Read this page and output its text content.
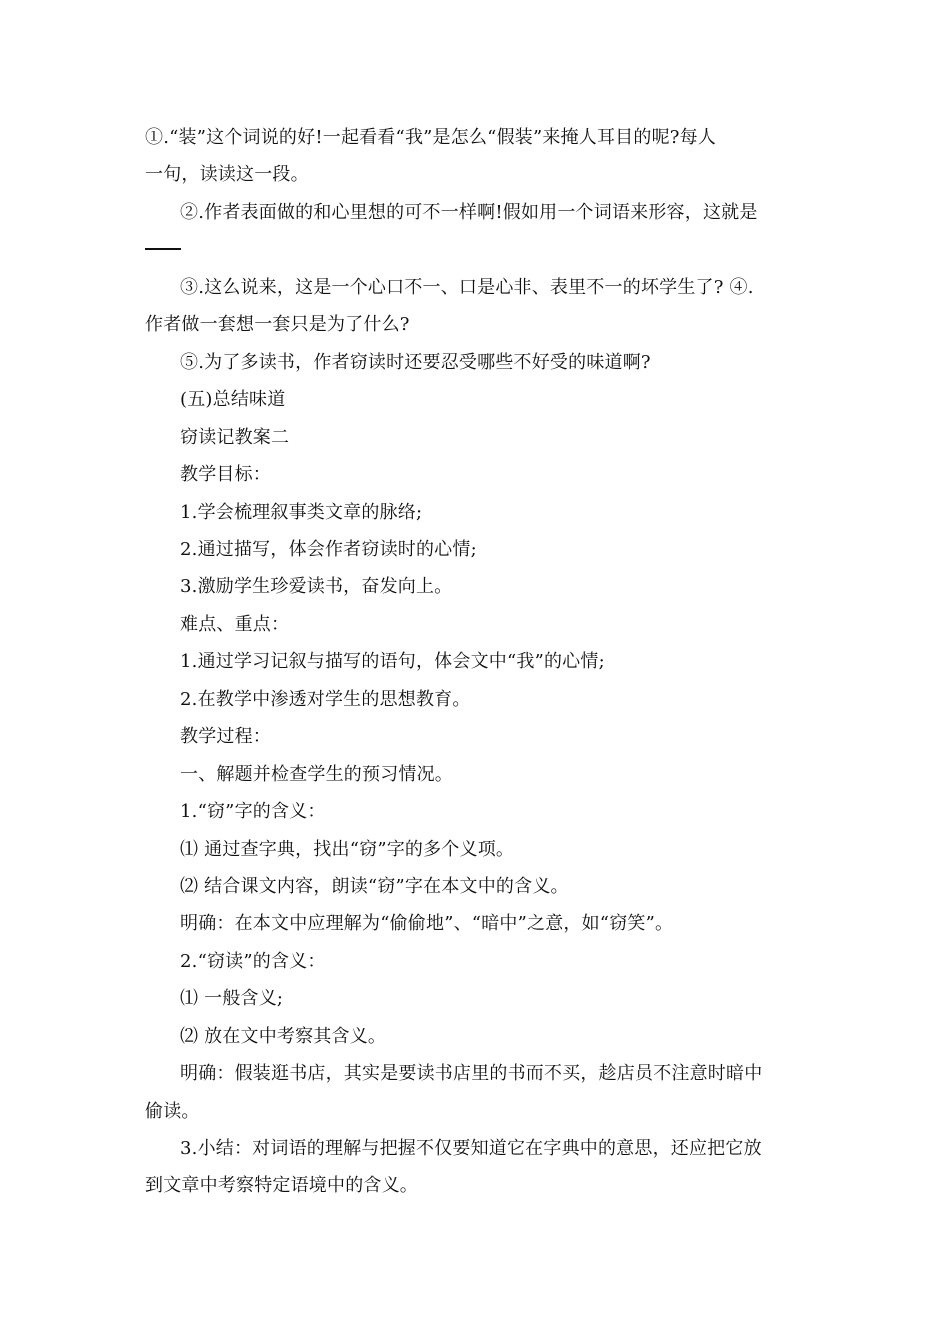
①.“装”这个词说的好!一起看看“我”是怎么“假装”来掩人耳目的呢?每人
一句，读读这一段。
②.作者表面做的和心里想的可不一样啊!假如用一个词语来形容，这就是
③.这么说来，这是一个心口不一、口是心非、表里不一的坏学生了? ④.
作者做一套想一套只是为了什么?
⑤.为了多读书，作者窃读时还要忍受哪些不好受的味道啊?
(五)总结味道
窃读记教案二
教学目标：
1.学会梳理叙事类文章的脉络;
2.通过描写，体会作者窃读时的心情;
3.激励学生珍爱读书，奋发向上。
难点、重点：
1.通过学习记叙与描写的语句，体会文中“我”的心情;
2.在教学中渗透对学生的思想教育。
教学过程：
一、解题并检查学生的预习情况。
1.“窃”字的含义：
⑴ 通过查字典，找出“窃”字的多个义项。
⑵ 结合课文内容，朗读“窃”字在本文中的含义。
明确：在本文中应理解为“偷偷地”、“暗中”之意，如“窃笑”。
2.“窃读”的含义：
⑴ 一般含义;
⑵ 放在文中考察其含义。
明确：假装逛书店，其实是要读书店里的书而不买，趁店员不注意时暗中
偷读。
3.小结：对词语的理解与把握不仅要知道它在字典中的意思，还应把它放
到文章中考察特定语境中的含义。
